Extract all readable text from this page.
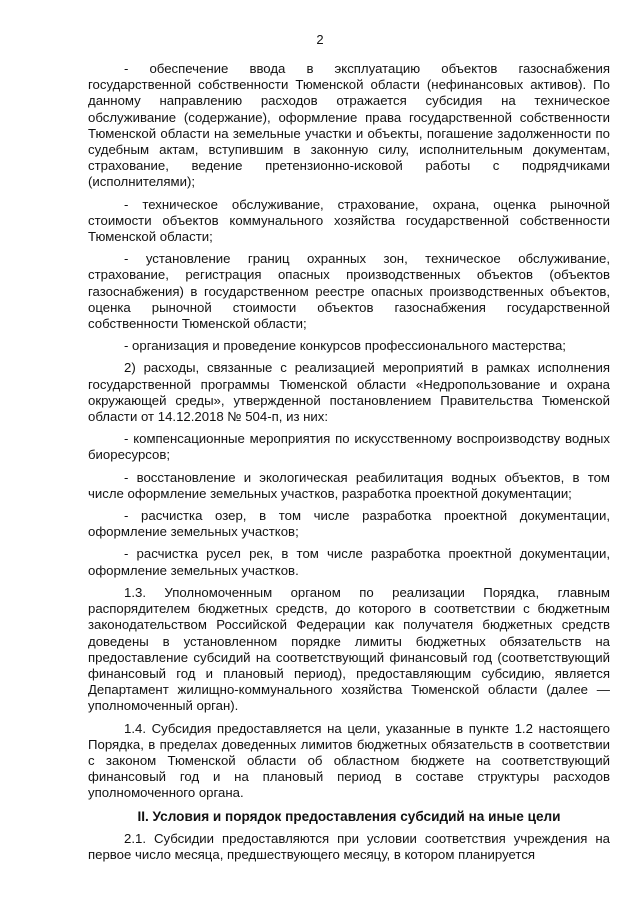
2

- обеспечение ввода в эксплуатацию объектов газоснабжения государственной собственности Тюменской области (нефинансовых активов). По данному направлению расходов отражается субсидия на техническое обслуживание (содержание), оформление права государственной собственности Тюменской области на земельные участки и объекты, погашение задолженности по судебным актам, вступившим в законную силу, исполнительным документам, страхование, ведение претензионно-исковой работы с подрядчиками (исполнителями);

- техническое обслуживание, страхование, охрана, оценка рыночной стоимости объектов коммунального хозяйства государственной собственности Тюменской области;

- установление границ охранных зон, техническое обслуживание, страхование, регистрация опасных производственных объектов (объектов газоснабжения) в государственном реестре опасных производственных объектов, оценка рыночной стоимости объектов газоснабжения государственной собственности Тюменской области;

- организация и проведение конкурсов профессионального мастерства;

2) расходы, связанные с реализацией мероприятий в рамках исполнения государственной программы Тюменской области «Недропользование и охрана окружающей среды», утвержденной постановлением Правительства Тюменской области от 14.12.2018 № 504-п, из них:

- компенсационные мероприятия по искусственному воспроизводству водных биоресурсов;

- восстановление и экологическая реабилитация водных объектов, в том числе оформление земельных участков, разработка проектной документации;

- расчистка озер, в том числе разработка проектной документации, оформление земельных участков;

- расчистка русел рек, в том числе разработка проектной документации, оформление земельных участков.

1.3. Уполномоченным органом по реализации Порядка, главным распорядителем бюджетных средств, до которого в соответствии с бюджетным законодательством Российской Федерации как получателя бюджетных средств доведены в установленном порядке лимиты бюджетных обязательств на предоставление субсидий на соответствующий финансовый год (соответствующий финансовый год и плановый период), предоставляющим субсидию, является Департамент жилищно-коммунального хозяйства Тюменской области (далее — уполномоченный орган).

1.4. Субсидия предоставляется на цели, указанные в пункте 1.2 настоящего Порядка, в пределах доведенных лимитов бюджетных обязательств в соответствии с законом Тюменской области об областном бюджете на соответствующий финансовый год и на плановый период в составе структуры расходов уполномоченного органа.

II. Условия и порядок предоставления субсидий на иные цели

2.1. Субсидии предоставляются при условии соответствия учреждения на первое число месяца, предшествующего месяцу, в котором планируется
